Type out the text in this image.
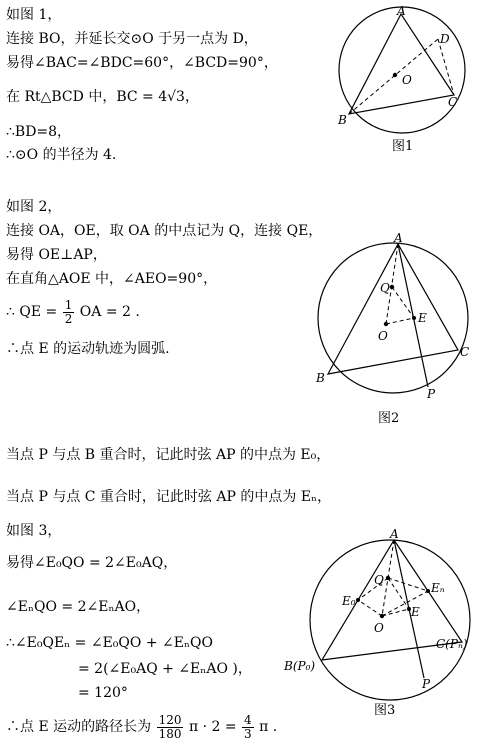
如图 1，
连接 BO，并延长交⊙O 于另一点为 D，
易得∠BAC=∠BDC=60°，∠BCD=90°，
在 Rt△BCD 中，BC = 4√3，
∴BD=8，
∴⊙O 的半径为 4.
A
D
O
C
B
图1
如图 2，
连接 OA，OE，取 OA 的中点记为 Q，连接 QE，
易得 OE⊥AP，
在直角△AOE 中，∠AEO=90°，
∴ QE = $\frac{1}{2}$ OA = 2 .
∴点 E 的运动轨迹为圆弧.
A
Q
E
O
C
B
P
图2
当点 P 与点 B 重合时，记此时弦 AP 的中点为 E₀，
当点 P 与点 C 重合时，记此时弦 AP 的中点为 Eₙ，
如图 3，
易得∠E₀QO = 2∠E₀AQ，
∠EₙQO = 2∠EₙAO，
∴∠E₀QEₙ = ∠E₀QO + ∠EₙQO
= 2(∠E₀AQ + ∠EₙAO )，
= 120°
∴点 E 运动的路径长为 $\frac{120}{180}$ $\pi \cdot 2 = \frac{4}{3}$ π .
A
Q
E₀
Eₙ
E
O
C(Pₙ)
B(P₀)
P
图3
